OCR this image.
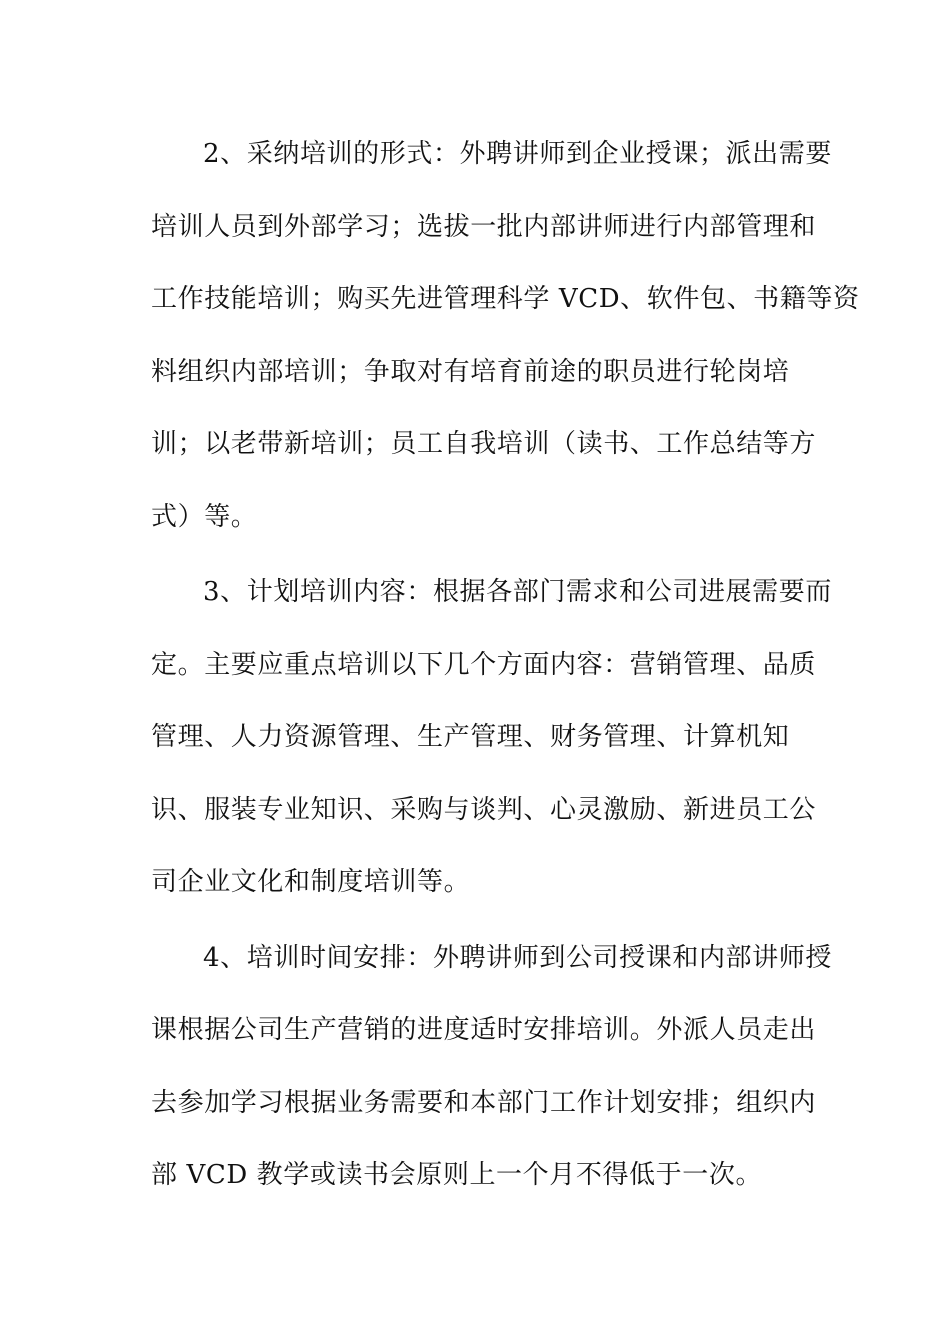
2、采纳培训的形式：外聘讲师到企业授课；派出需要
培训人员到外部学习；选拔一批内部讲师进行内部管理和
工作技能培训；购买先进管理科学 VCD、软件包、书籍等资
料组织内部培训；争取对有培育前途的职员进行轮岗培
训；以老带新培训；员工自我培训（读书、工作总结等方
式）等。
3、计划培训内容：根据各部门需求和公司进展需要而
定。主要应重点培训以下几个方面内容：营销管理、品质
管理、人力资源管理、生产管理、财务管理、计算机知
识、服装专业知识、采购与谈判、心灵激励、新进员工公
司企业文化和制度培训等。
4、培训时间安排：外聘讲师到公司授课和内部讲师授
课根据公司生产营销的进度适时安排培训。外派人员走出
去参加学习根据业务需要和本部门工作计划安排；组织内
部 VCD 教学或读书会原则上一个月不得低于一次。
